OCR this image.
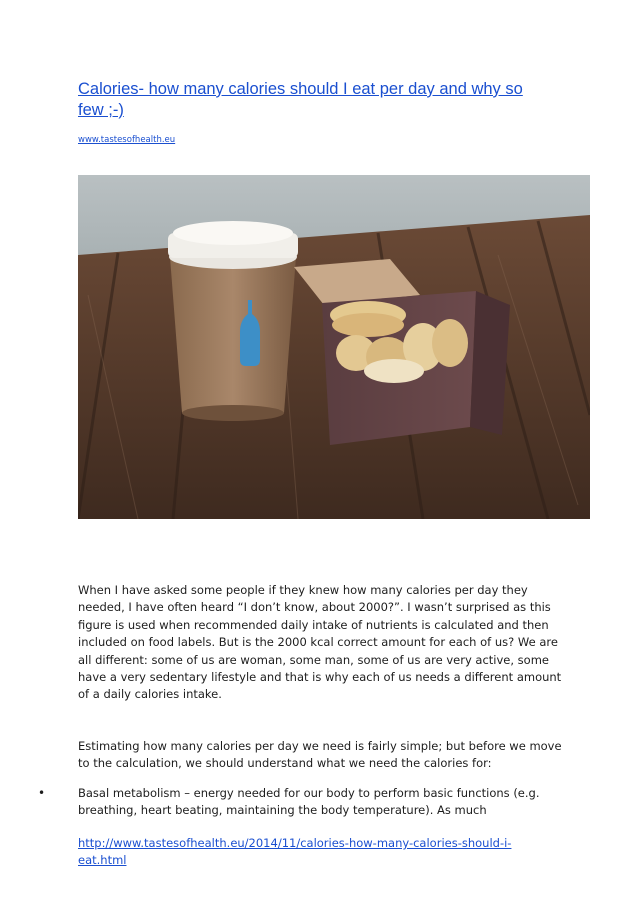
Calories- how many calories should I eat per day and why so few ;-)
www.tastesofhealth.eu

When I have asked some people if they knew how many calories per day they needed, I have often heard “I don’t know, about 2000?”. I wasn’t surprised as this figure is used when recommended daily intake of nutrients is calculated and then included on food labels. But is the 2000 kcal correct amount for each of us? We are all different: some of us are woman, some man, some of us are very active, some have a very sedentary lifestyle and that is why each of us needs a different amount of a daily calories intake.

Estimating how many calories per day we need is fairly simple; but before we move to the calculation, we should understand what we need the calories for:

•	Basal metabolism – energy needed for our body to perform basic functions (e.g. breathing, heart beating, maintaining the body temperature). As much
http://www.tastesofhealth.eu/2014/11/calories-how-many-calories-should-i-eat.html
